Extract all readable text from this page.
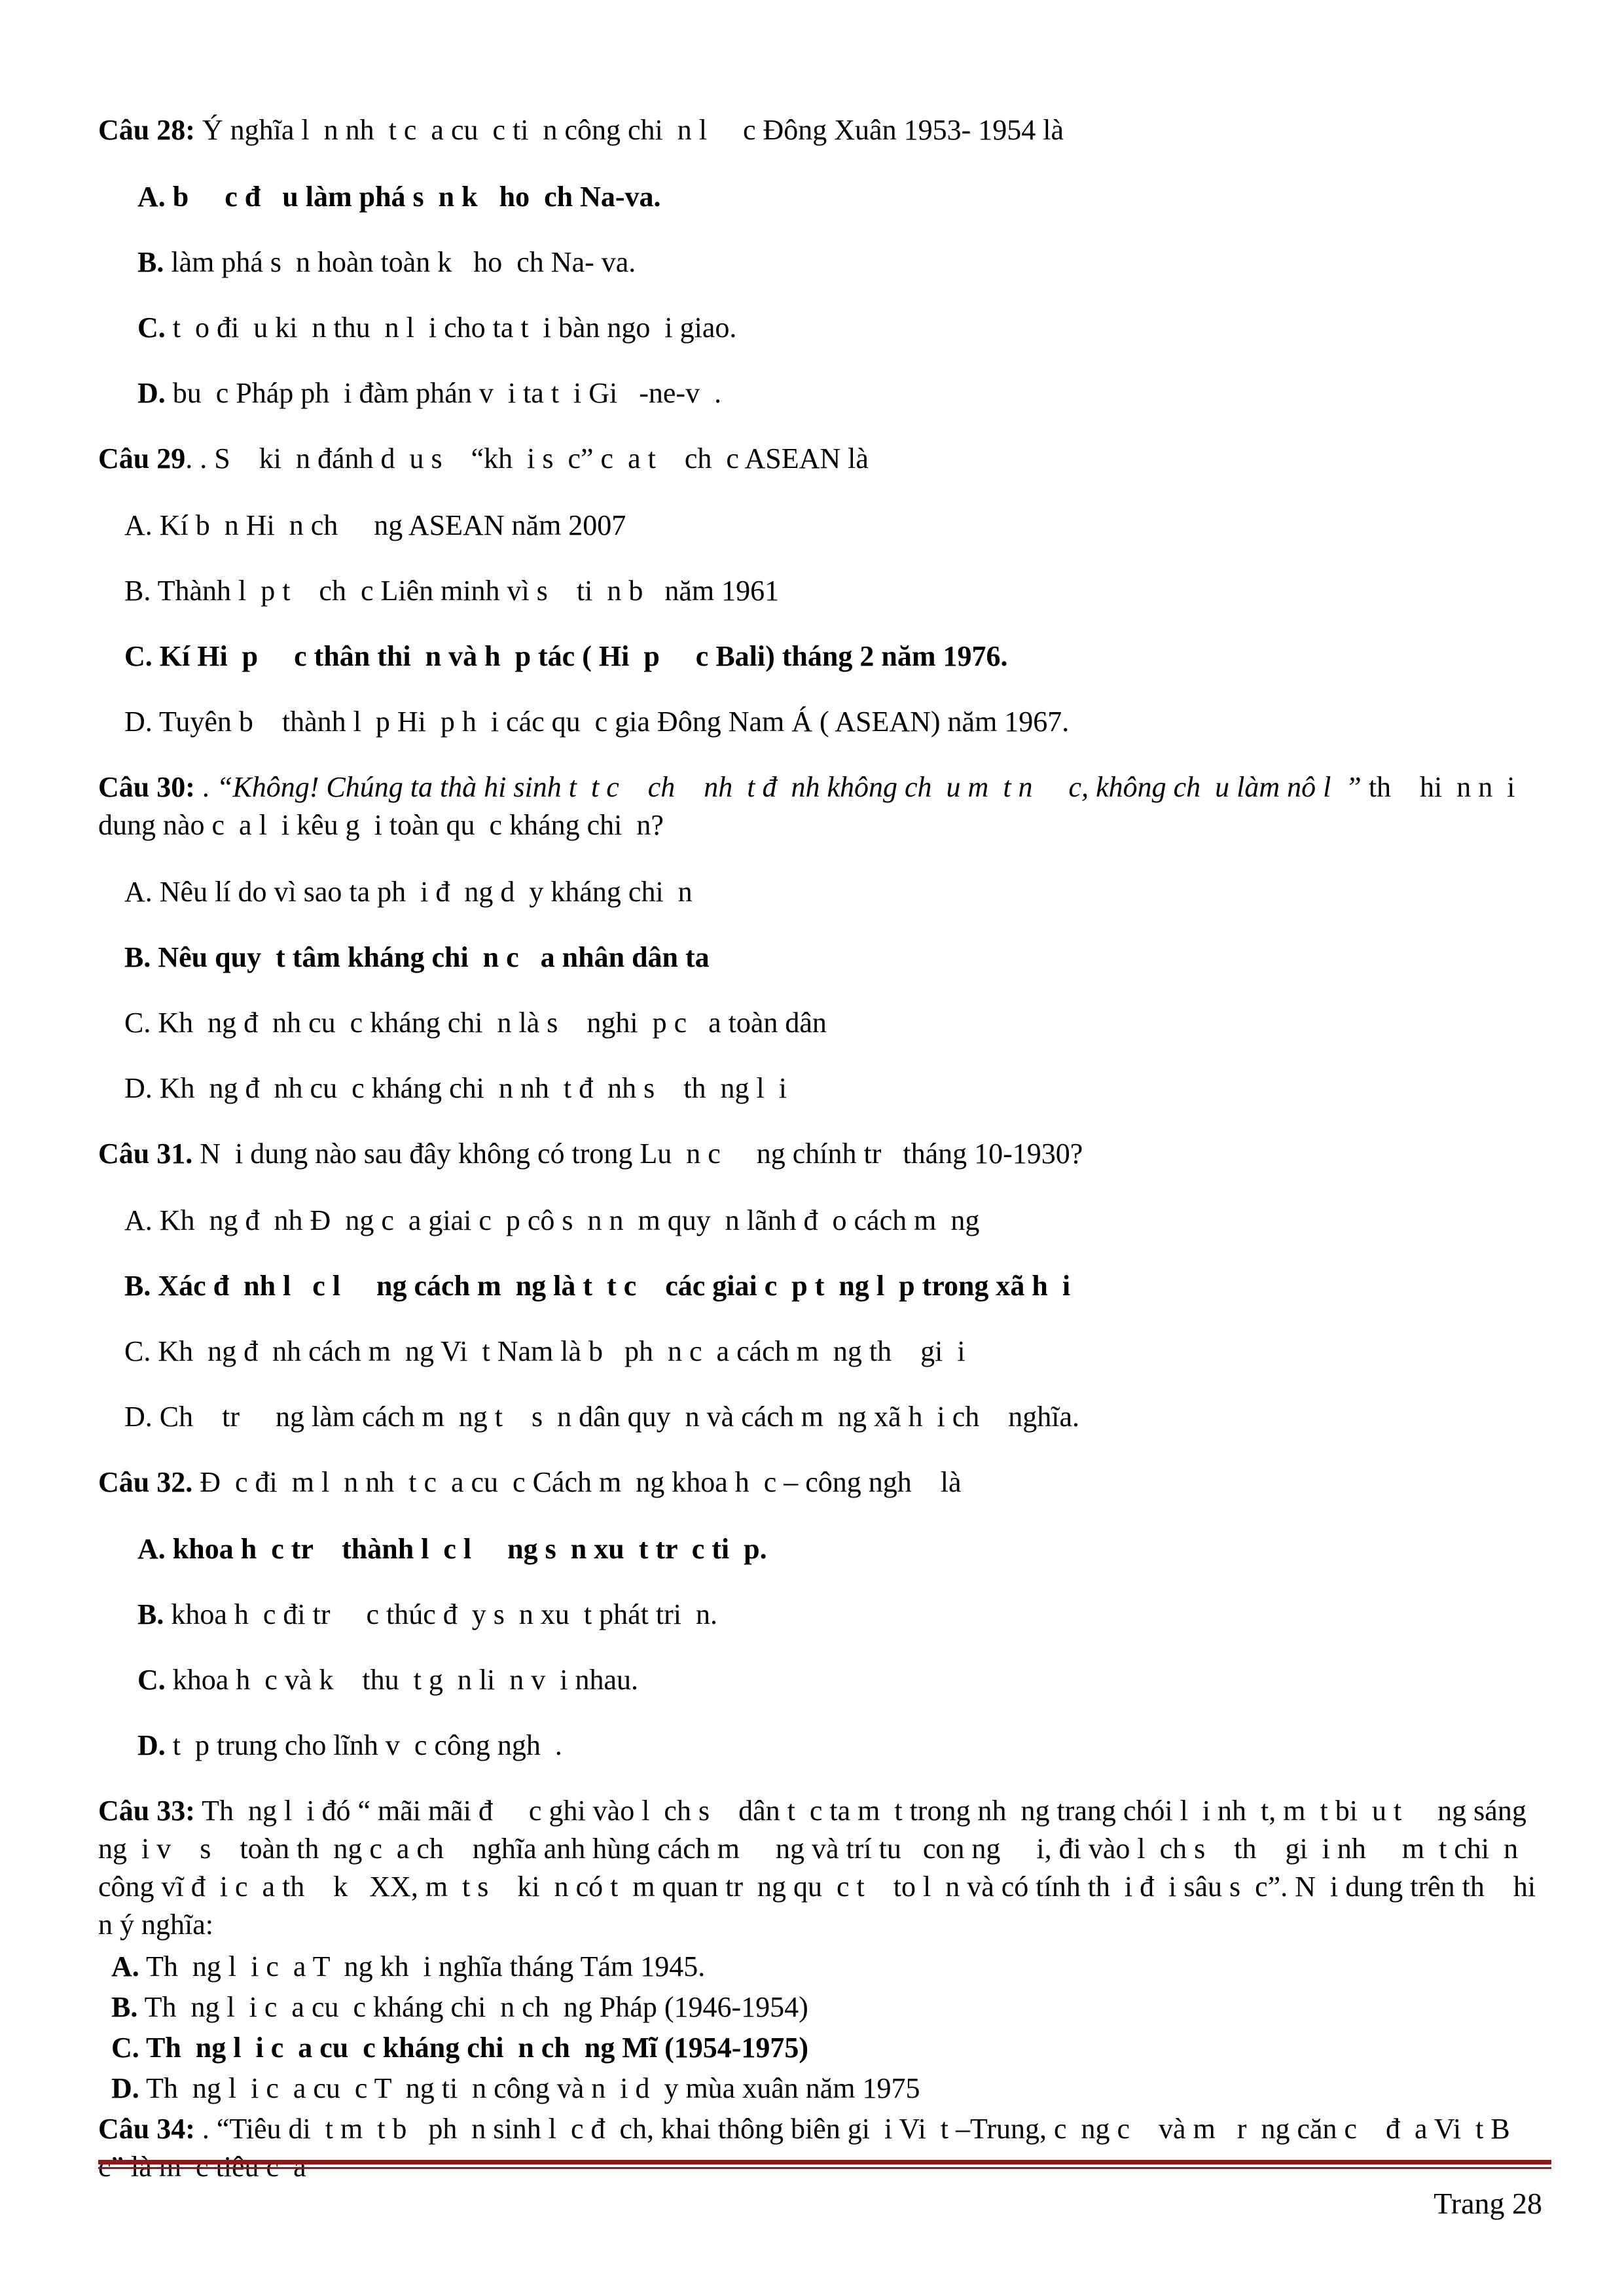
Câu 28: Ý nghĩa l  n nh  t c  a cu  c ti  n công chi  n l     c Đông Xuân 1953- 1954 là
A. b     c đ   u làm phá s  n k   ho  ch Na-va.
B. làm phá s  n hoàn toàn k   ho  ch Na- va.
C. t  o đi  u ki  n thu  n l  i cho ta t  i bàn ngo  i giao.
D. bu  c Pháp ph  i đàm phán v  i ta t  i Gi   -ne-v  .
Câu 29. . S    ki  n đánh d  u s    “kh  i s  c” c  a t    ch  c ASEAN là
A. Kí b  n Hi  n ch     ng ASEAN năm 2007
B. Thành l  p t    ch  c Liên minh vì s    ti  n b   năm 1961
C. Kí Hi  p     c thân thi  n và h  p tác ( Hi  p     c Bali) tháng 2 năm 1976.
D. Tuyên b    thành l  p Hi  p h  i các qu  c gia Đông Nam Á ( ASEAN) năm 1967.
Câu 30: . “Không! Chúng ta thà hi sinh t  t c    ch    nh  t đ  nh không ch  u m  t n     c, không ch  u làm nô l  ” th    hi  n n  i dung nào c  a l  i kêu g  i toàn qu  c kháng chi  n?
A. Nêu lí do vì sao ta ph  i đ  ng d  y kháng chi  n
B. Nêu quy  t tâm kháng chi  n c   a nhân dân ta
C. Kh  ng đ  nh cu  c kháng chi  n là s    nghi  p c   a toàn dân
D. Kh  ng đ  nh cu  c kháng chi  n nh  t đ  nh s    th  ng l  i
Câu 31. N  i dung nào sau đây không có trong Lu  n c     ng chính tr   tháng 10-1930?
A. Kh  ng đ  nh Đ  ng c  a giai c  p cô s  n n  m quy  n lãnh đ  o cách m  ng
B. Xác đ  nh l   c l     ng cách m  ng là t  t c    các giai c  p t  ng l  p trong xã h  i
C. Kh  ng đ  nh cách m  ng Vi  t Nam là b   ph  n c  a cách m  ng th    gi  i
D. Ch    tr     ng làm cách m  ng t    s  n dân quy  n và cách m  ng xã h  i ch    nghĩa.
Câu 32. Đ  c đi  m l  n nh  t c  a cu  c Cách m  ng khoa h  c – công ngh    là
A. khoa h  c tr    thành l  c l     ng s  n xu  t tr  c ti  p.
B. khoa h  c đi tr     c thúc đ  y s  n xu  t phát tri  n.
C. khoa h  c và k    thu  t g  n li  n v  i nhau.
D. t  p trung cho lĩnh v  c công ngh  .
Câu 33: Th  ng l  i đó “ mãi mãi đ     c ghi vào l  ch s    dân t  c ta m  t trong nh  ng trang chói l  i nh  t, m  t bi  u t     ng sáng ng  i v    s    toàn th  ng c  a ch    nghĩa anh hùng cách m     ng và trí tu   con ng     i, đi vào l  ch s    th    gi  i nh     m  t chi  n công vĩ đ  i c  a th    k   XX, m  t s    ki  n có t  m quan tr  ng qu  c t    to l  n và có tính th  i đ  i sâu s  c”. N  i dung trên th    hi  n ý nghĩa:
A. Th  ng l  i c  a T  ng kh  i nghĩa tháng Tám 1945.
B. Th  ng l  i c  a cu  c kháng chi  n ch  ng Pháp (1946-1954)
C. Th  ng l  i c  a cu  c kháng chi  n ch  ng Mĩ (1954-1975)
D. Th  ng l  i c  a cu  c T  ng ti  n công và n  i d  y mùa xuân năm 1975
Câu 34: . “Tiêu di  t m  t b   ph  n sinh l  c đ  ch, khai thông biên gi  i Vi  t –Trung, c  ng c    và m   r  ng căn c    đ  a Vi  t B
Trang 28
